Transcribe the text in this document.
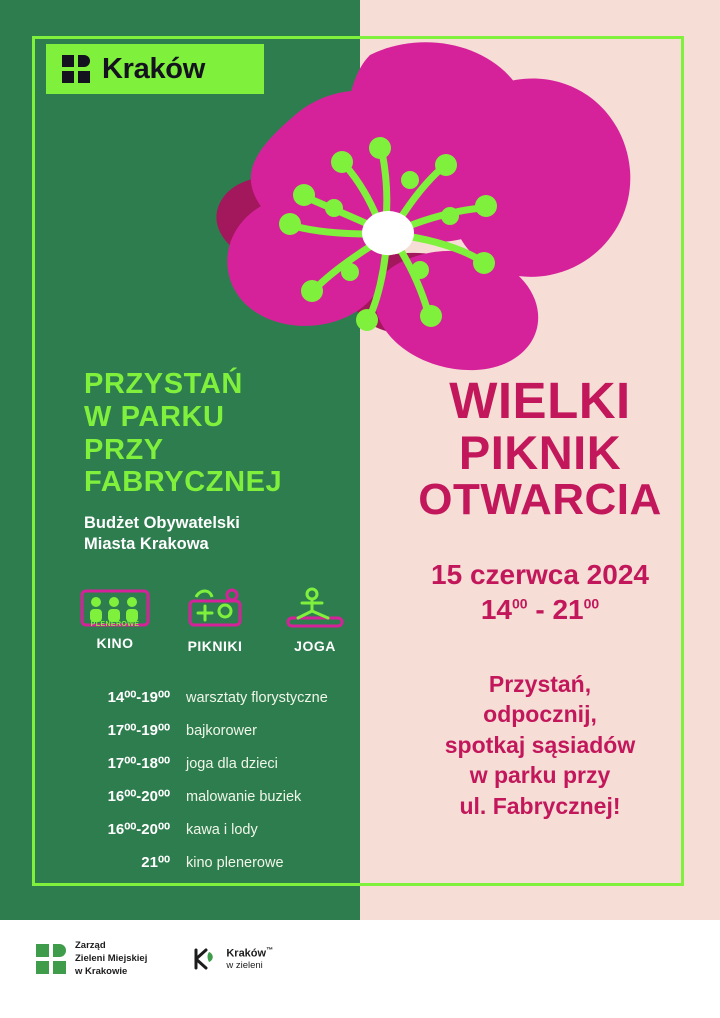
Kraków
PRZYSTAŃ
W PARKU
PRZY
FABRYCZNEJ
Budżet Obywatelski
Miasta Krakowa
PLENEROWE
KINO	PIKNIKI	JOGA
14⁰⁰-19⁰⁰	warsztaty florystyczne
17⁰⁰-19⁰⁰	bajkorower
17⁰⁰-18⁰⁰	joga dla dzieci
16⁰⁰-20⁰⁰	malowanie buziek
16⁰⁰-20⁰⁰	kawa i lody
21⁰⁰	kino plenerowe
WIELKI
PIKNIK
OTWARCIA
15 czerwca 2024
$14^{00} - 21^{00}$
Przystań,
odpocznij,
spotkaj sąsiadów
w parku przy
ul. Fabrycznej!
Zarząd
Zieleni Miejskiej
w Krakowie
Kraków™
w zieleni
